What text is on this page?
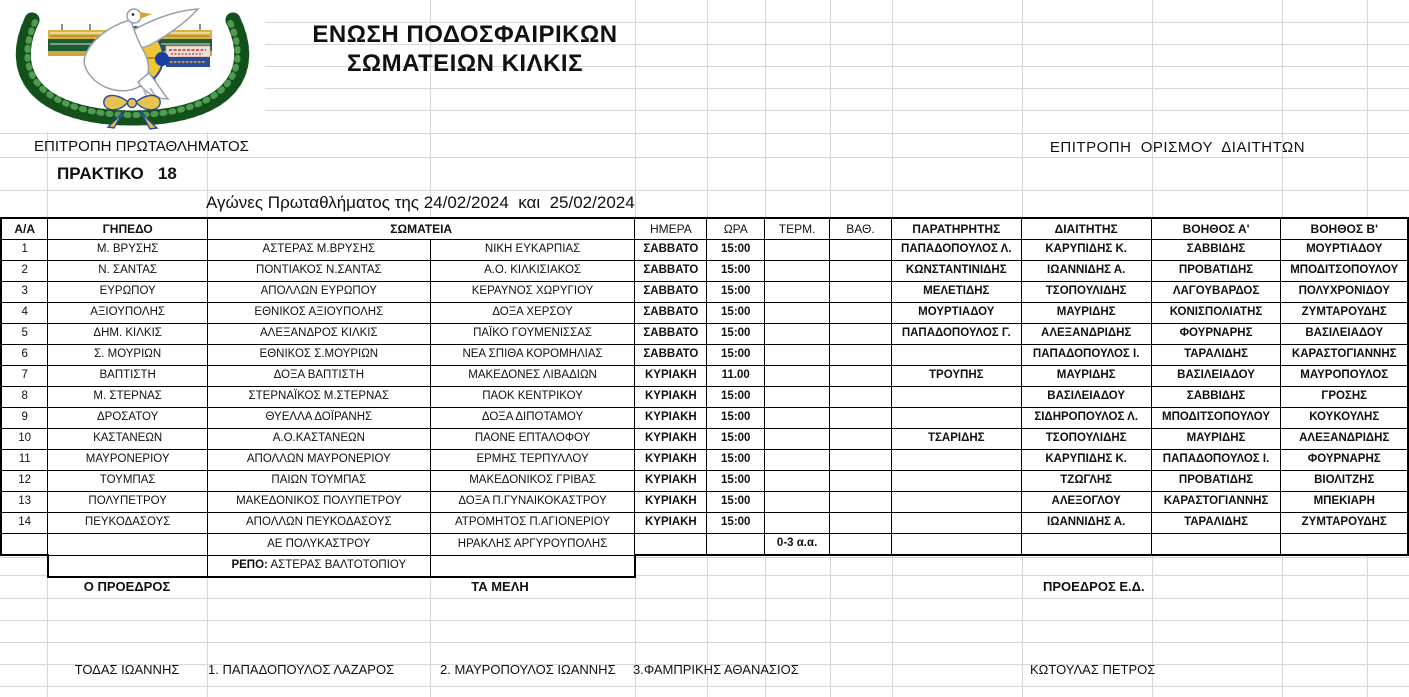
ΕΝΩΣΗ ΠΟΔΟΣΦΑΙΡΙΚΩΝ
ΣΩΜΑΤΕΙΩΝ ΚΙΛΚΙΣ
ΕΠΙΤΡΟΠΗ ΠΡΩΤΑΘΛΗΜΑΤΟΣ	ΕΠΙΤΡΟΠΗ  ΟΡΙΣΜΟΥ  ΔΙΑΙΤΗΤΩΝ
ΠΡΑΚΤΙΚΟ   18
Αγώνες Πρωταθλήματος της 24/02/2024  και  25/02/2024
Α/Α	ΓΗΠΕΔΟ	ΣΩΜΑΤΕΙΑ		ΗΜΕΡΑ	ΩΡΑ	ΤΕΡΜ.	ΒΑΘ.	ΠΑΡΑΤΗΡΗΤΗΣ	ΔΙΑΙΤΗΤΗΣ	ΒΟΗΘΟΣ Α'	ΒΟΗΘΟΣ Β'
1	Μ. ΒΡΥΣΗΣ	ΑΣΤΕΡΑΣ Μ.ΒΡΥΣΗΣ	ΝΙΚΗ ΕΥΚΑΡΠΙΑΣ	ΣΑΒΒΑΤΟ	15:00			ΠΑΠΑΔΟΠΟΥΛΟΣ Λ.	ΚΑΡΥΠΙΔΗΣ Κ.	ΣΑΒΒΙΔΗΣ	ΜΟΥΡΤΙΑΔΟΥ
2	Ν. ΣΑΝΤΑΣ	ΠΟΝΤΙΑΚΟΣ Ν.ΣΑΝΤΑΣ	Α.Ο. ΚΙΛΚΙΣΙΑΚΟΣ	ΣΑΒΒΑΤΟ	15:00			ΚΩΝΣΤΑΝΤΙΝΙΔΗΣ	ΙΩΑΝΝΙΔΗΣ Α.	ΠΡΟΒΑΤΙΔΗΣ	ΜΠΟΔΙΤΣΟΠΟΥΛΟΥ
3	ΕΥΡΩΠΟΥ	ΑΠΟΛΛΩΝ ΕΥΡΩΠΟΥ	ΚΕΡΑΥΝΟΣ ΧΩΡΥΓΙΟΥ	ΣΑΒΒΑΤΟ	15:00			ΜΕΛΕΤΙΔΗΣ	ΤΣΟΠΟΥΛΙΔΗΣ	ΛΑΓΟΥΒΑΡΔΟΣ	ΠΟΛΥΧΡΟΝΙΔΟΥ
4	ΑΞΙΟΥΠΟΛΗΣ	ΕΘΝΙΚΟΣ ΑΞΙΟΥΠΟΛΗΣ	ΔΟΞΑ ΧΕΡΣΟΥ	ΣΑΒΒΑΤΟ	15:00			ΜΟΥΡΤΙΑΔΟΥ	ΜΑΥΡΙΔΗΣ	ΚΟΝΙΣΠΟΛΙΑΤΗΣ	ΖΥΜΤΑΡΟΥΔΗΣ
5	ΔΗΜ. ΚΙΛΚΙΣ	ΑΛΕΞΑΝΔΡΟΣ ΚΙΛΚΙΣ	ΠΑΪΚΟ ΓΟΥΜΕΝΙΣΣΑΣ	ΣΑΒΒΑΤΟ	15:00			ΠΑΠΑΔΟΠΟΥΛΟΣ Γ.	ΑΛΕΞΑΝΔΡΙΔΗΣ	ΦΟΥΡΝΑΡΗΣ	ΒΑΣΙΛΕΙΑΔΟΥ
6	Σ. ΜΟΥΡΙΩΝ	ΕΘΝΙΚΟΣ Σ.ΜΟΥΡΙΩΝ	ΝΕΑ ΣΠΙΘΑ ΚΟΡΟΜΗΛΙΑΣ	ΣΑΒΒΑΤΟ	15:00				ΠΑΠΑΔΟΠΟΥΛΟΣ Ι.	ΤΑΡΑΛΙΔΗΣ	ΚΑΡΑΣΤΟΓΙΑΝΝΗΣ
7	ΒΑΠΤΙΣΤΗ	ΔΟΞΑ ΒΑΠΤΙΣΤΗ	ΜΑΚΕΔΟΝΕΣ ΛΙΒΑΔΙΩΝ	ΚΥΡΙΑΚΗ	11.00			ΤΡΟΥΠΗΣ	ΜΑΥΡΙΔΗΣ	ΒΑΣΙΛΕΙΑΔΟΥ	ΜΑΥΡΟΠΟΥΛΟΣ
8	Μ. ΣΤΕΡΝΑΣ	ΣΤΕΡΝΑΪΚΟΣ Μ.ΣΤΕΡΝΑΣ	ΠΑΟΚ ΚΕΝΤΡΙΚΟΥ	ΚΥΡΙΑΚΗ	15:00				ΒΑΣΙΛΕΙΑΔΟΥ	ΣΑΒΒΙΔΗΣ	ΓΡΟΣΗΣ
9	ΔΡΟΣΑΤΟΥ	ΘΥΕΛΛΑ ΔΟΪΡΑΝΗΣ	ΔΟΞΑ ΔΙΠΟΤΑΜΟΥ	ΚΥΡΙΑΚΗ	15:00				ΣΙΔΗΡΟΠΟΥΛΟΣ Λ.	ΜΠΟΔΙΤΣΟΠΟΥΛΟΥ	ΚΟΥΚΟΥΛΗΣ
10	ΚΑΣΤΑΝΕΩΝ	Α.Ο.ΚΑΣΤΑΝΕΩΝ	ΠΑΟΝΕ ΕΠΤΑΛΟΦΟΥ	ΚΥΡΙΑΚΗ	15:00			ΤΣΑΡΙΔΗΣ	ΤΣΟΠΟΥΛΙΔΗΣ	ΜΑΥΡΙΔΗΣ	ΑΛΕΞΑΝΔΡΙΔΗΣ
11	ΜΑΥΡΟΝΕΡΙΟΥ	ΑΠΟΛΛΩΝ ΜΑΥΡΟΝΕΡΙΟΥ	ΕΡΜΗΣ ΤΕΡΠΥΛΛΟΥ	ΚΥΡΙΑΚΗ	15:00				ΚΑΡΥΠΙΔΗΣ Κ.	ΠΑΠΑΔΟΠΟΥΛΟΣ Ι.	ΦΟΥΡΝΑΡΗΣ
12	ΤΟΥΜΠΑΣ	ΠΑΙΩΝ ΤΟΥΜΠΑΣ	ΜΑΚΕΔΟΝΙΚΟΣ ΓΡΙΒΑΣ	ΚΥΡΙΑΚΗ	15:00				ΤΖΩΓΛΗΣ	ΠΡΟΒΑΤΙΔΗΣ	ΒΙΟΛΙΤΖΗΣ
13	ΠΟΛΥΠΕΤΡΟΥ	ΜΑΚΕΔΟΝΙΚΟΣ ΠΟΛΥΠΕΤΡΟΥ	ΔΟΞΑ Π.ΓΥΝΑΙΚΟΚΑΣΤΡΟΥ	ΚΥΡΙΑΚΗ	15:00				ΑΛΕΞΟΓΛΟΥ	ΚΑΡΑΣΤΟΓΙΑΝΝΗΣ	ΜΠΕΚΙΑΡΗ
14	ΠΕΥΚΟΔΑΣΟΥΣ	ΑΠΟΛΛΩΝ ΠΕΥΚΟΔΑΣΟΥΣ	ΑΤΡΟΜΗΤΟΣ Π.ΑΓΙΟΝΕΡΙΟΥ	ΚΥΡΙΑΚΗ	15:00				ΙΩΑΝΝΙΔΗΣ Α.	ΤΑΡΑΛΙΔΗΣ	ΖΥΜΤΑΡΟΥΔΗΣ
		ΑΕ ΠΟΛΥΚΑΣΤΡΟΥ	ΗΡΑΚΛΗΣ ΑΡΓΥΡΟΥΠΟΛΗΣ			0-3 α.α.					
		ΡΕΠΟ: ΑΣΤΕΡΑΣ ΒΑΛΤΟΤΟΠΙΟΥ									
Ο ΠΡΟΕΔΡΟΣ	ΤΑ ΜΕΛΗ	ΠΡΟΕΔΡΟΣ Ε.Δ.
ΤΟΔΑΣ ΙΩΑΝΝΗΣ	1. ΠΑΠΑΔΟΠΟΥΛΟΣ ΛΑΖΑΡΟΣ	2. ΜΑΥΡΟΠΟΥΛΟΣ ΙΩΑΝΝΗΣ 3.ΦΑΜΠΡΙΚΗΣ ΑΘΑΝΑΣΙΟΣ	ΚΩΤΟΥΛΑΣ ΠΕΤΡΟΣ
